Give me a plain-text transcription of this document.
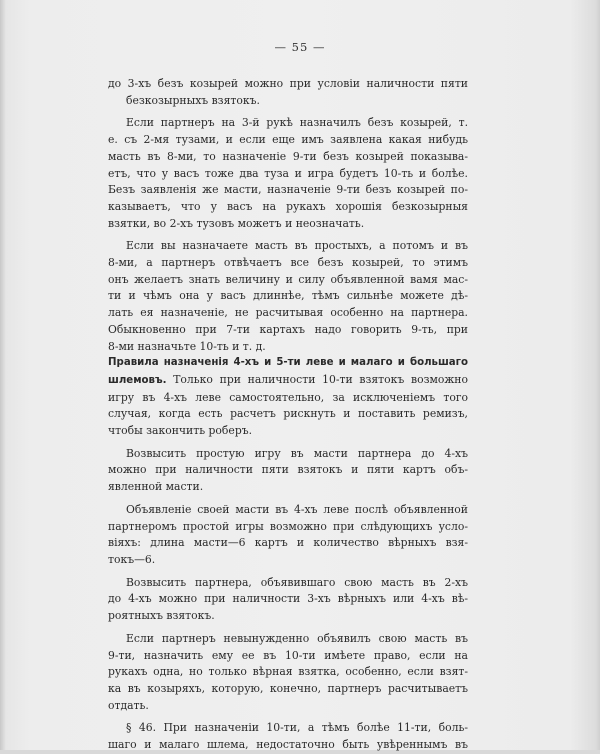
— 55 —
до 3-хъ безъ козырей можно при условіи наличности пяти
безкозырныхъ взятокъ.
Если партнеръ на 3-й рукѣ назначилъ безъ козырей, т.
е. съ 2-мя тузами, и если еще имъ заявлена какая нибудь
масть въ 8-ми, то назначеніе 9-ти безъ козырей показыва-
етъ, что у васъ тоже два туза и игра будетъ 10-ть и болѣе.
Безъ заявленія же масти, назначеніе 9-ти безъ козырей по-
казываетъ, что у васъ на рукахъ хорошія безкозырныя
взятки, во 2-хъ тузовъ можетъ и неозначать.
Если вы назначаете масть въ простыхъ, а потомъ и въ
8-ми, а партнеръ отвѣчаетъ все безъ козырей, то этимъ
онъ желаетъ знать величину и силу объявленной вамя мас-
ти и чѣмъ она у васъ длиннѣе, тѣмъ сильнѣе можете дѣ-
лать ея назначеніе, не расчитывая особенно на партнера.
Обыкновенно при 7-ти картахъ надо говорить 9-ть, при
8-ми назначьте 10-ть и т. д.
Правила назначенія 4-хъ и 5-ти леве и малаго и большаго
шлемовъ. Только при наличности 10-ти взятокъ возможно
игру въ 4-хъ леве самостоятельно, за исключеніемъ того
случая, когда есть расчетъ рискнуть и поставить ремизъ,
чтобы закончить роберъ.
Возвысить простую игру въ масти партнера до 4-хъ
можно при наличности пяти взятокъ и пяти картъ объ-
явленной масти.
Объявленіе своей масти въ 4-хъ леве послѣ объявленной
партнеромъ простой игры возможно при слѣдующихъ усло-
віяхъ: длина масти—6 картъ и количество вѣрныхъ взя-
токъ—6.
Возвысить партнера, объявившаго свою масть въ 2-хъ
до 4-хъ можно при наличности 3-хъ вѣрныхъ или 4-хъ вѣ-
роятныхъ взятокъ.
Если партнеръ невынужденно объявилъ свою масть въ
9-ти, назначить ему ее въ 10-ти имѣете право, если на
рукахъ одна, но только вѣрная взятка, особенно, если взят-
ка въ козыряхъ, которую, конечно, партнеръ расчитываетъ
отдать.
§ 46. При назначеніи 10-ти, а тѣмъ болѣе 11-ти, боль-
шаго и малаго шлема, недостаточно быть увѣреннымъ въ
